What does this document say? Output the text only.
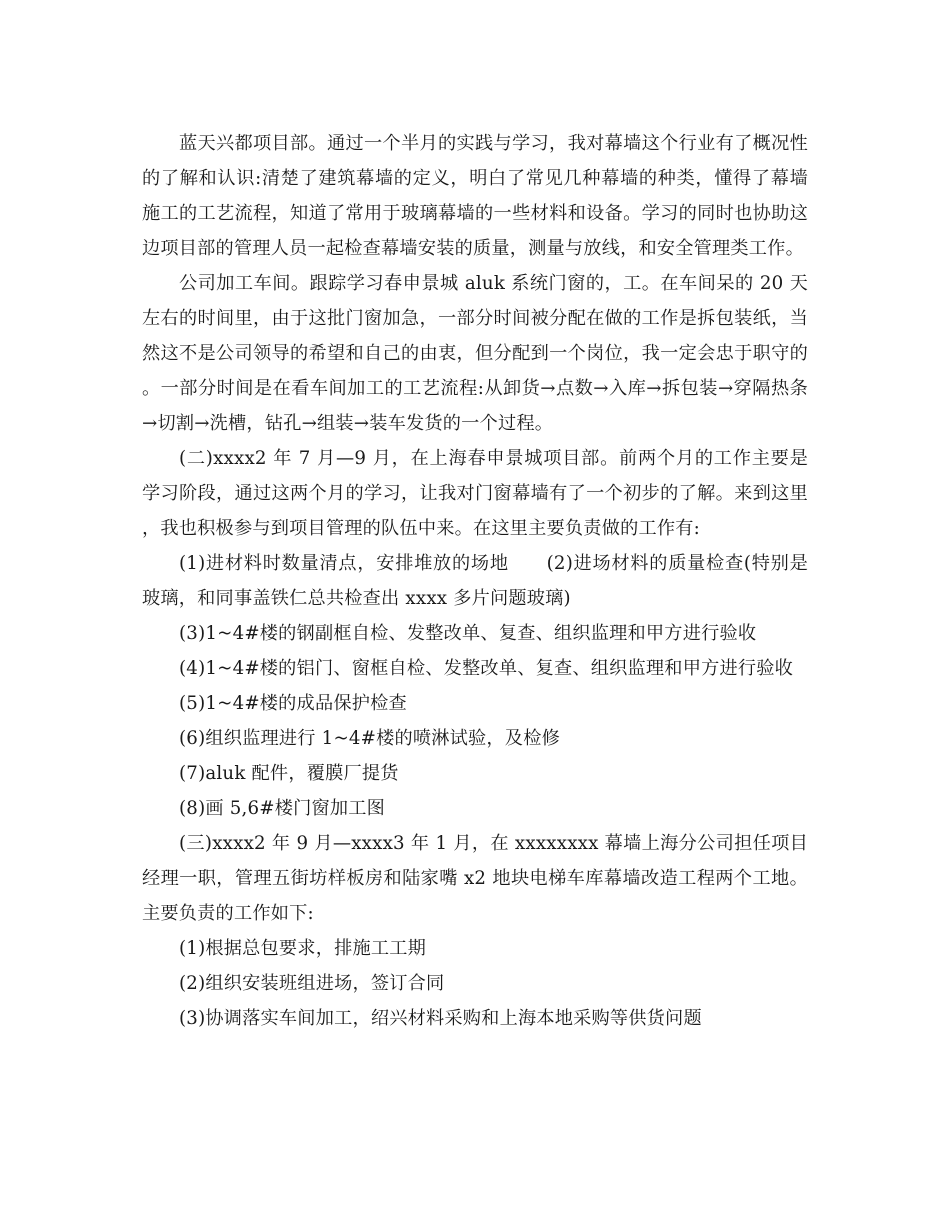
蓝天兴都项目部。通过一个半月的实践与学习，我对幕墙这个行业有了概况性的了解和认识:清楚了建筑幕墙的定义，明白了常见几种幕墙的种类，懂得了幕墙施工的工艺流程，知道了常用于玻璃幕墙的一些材料和设备。学习的同时也协助这边项目部的管理人员一起检查幕墙安装的质量，测量与放线，和安全管理类工作。

公司加工车间。跟踪学习春申景城 aluk 系统门窗的，工。在车间呆的 20 天左右的时间里，由于这批门窗加急，一部分时间被分配在做的工作是拆包装纸，当然这不是公司领导的希望和自己的由衷，但分配到一个岗位，我一定会忠于职守的。一部分时间是在看车间加工的工艺流程:从卸货→点数→入库→拆包装→穿隔热条→切割→洗槽，钻孔→组装→装车发货的一个过程。

(二)xxxx2 年 7 月—9 月，在上海春申景城项目部。前两个月的工作主要是学习阶段，通过这两个月的学习，让我对门窗幕墙有了一个初步的了解。来到这里，我也积极参与到项目管理的队伍中来。在这里主要负责做的工作有:

(1)进材料时数量清点，安排堆放的场地　　(2)进场材料的质量检查(特别是玻璃，和同事盖铁仁总共检查出 xxxx 多片问题玻璃)

(3)1~4#楼的钢副框自检、发整改单、复查、组织监理和甲方进行验收

(4)1~4#楼的铝门、窗框自检、发整改单、复查、组织监理和甲方进行验收

(5)1~4#楼的成品保护检查

(6)组织监理进行 1~4#楼的喷淋试验，及检修

(7)aluk 配件，覆膜厂提货

(8)画 5,6#楼门窗加工图

(三)xxxx2 年 9 月—xxxx3 年 1 月，在 xxxxxxxx 幕墙上海分公司担任项目经理一职，管理五街坊样板房和陆家嘴 x2 地块电梯车库幕墙改造工程两个工地。主要负责的工作如下:

(1)根据总包要求，排施工工期

(2)组织安装班组进场，签订合同

(3)协调落实车间加工，绍兴材料采购和上海本地采购等供货问题
